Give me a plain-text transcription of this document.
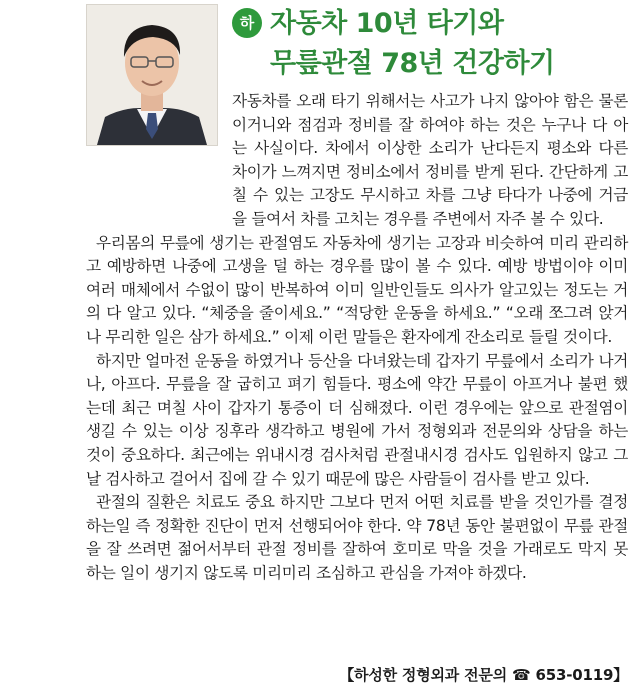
하 자동차 10년 타기와
무릎관절 78년 건강하기

자동차를 오래 타기 위해서는 사고가 나지 않아야 함은 물론이거니와 점검과 정비를 잘 하여야 하는 것은 누구나 다 아는 사실이다. 차에서 이상한 소리가 난다든지 평소와 다른 차이가 느껴지면 정비소에서 정비를 받게 된다. 간단하게 고칠 수 있는 고장도 무시하고 차를 그냥 타다가 나중에 거금을 들여서 차를 고치는 경우를 주변에서 자주 볼 수 있다.

우리몸의 무릎에 생기는 관절염도 자동차에 생기는 고장과 비슷하여 미리 관리하고 예방하면 나중에 고생을 덜 하는 경우를 많이 볼 수 있다. 예방 방법이야 이미 여러 매체에서 수없이 많이 반복하여 이미 일반인들도 의사가 알고있는 정도는 거의 다 알고 있다. “체중을 줄이세요.” “적당한 운동을 하세요.” “오래 쪼그려 앉거나 무리한 일은 삼가 하세요.” 이제 이런 말들은 환자에게 잔소리로 들릴 것이다.

하지만 얼마전 운동을 하였거나 등산을 다녀왔는데 갑자기 무릎에서 소리가 나거나, 아프다. 무릎을 잘 굽히고 펴기 힘들다. 평소에 약간 무릎이 아프거나 불편 했는데 최근 며칠 사이 갑자기 통증이 더 심해졌다. 이런 경우에는 앞으로 관절염이 생길 수 있는 이상 징후라 생각하고 병원에 가서 정형외과 전문의와 상담을 하는 것이 중요하다. 최근에는 위내시경 검사처럼 관절내시경 검사도 입원하지 않고 그날 검사하고 걸어서 집에 갈 수 있기 때문에 많은 사람들이 검사를 받고 있다.

관절의 질환은 치료도 중요 하지만 그보다 먼저 어떤 치료를 받을 것인가를 결정 하는일 즉 정확한 진단이 먼저 선행되어야 한다. 약 78년 동안 불편없이 무릎 관절을 잘 쓰려면 젊어서부터 관절 정비를 잘하여 호미로 막을 것을 가래로도 막지 못하는 일이 생기지 않도록 미리미리 조심하고 관심을 가져야 하겠다.

【하성한 정형외과 전문의 ☎ 653-0119】
